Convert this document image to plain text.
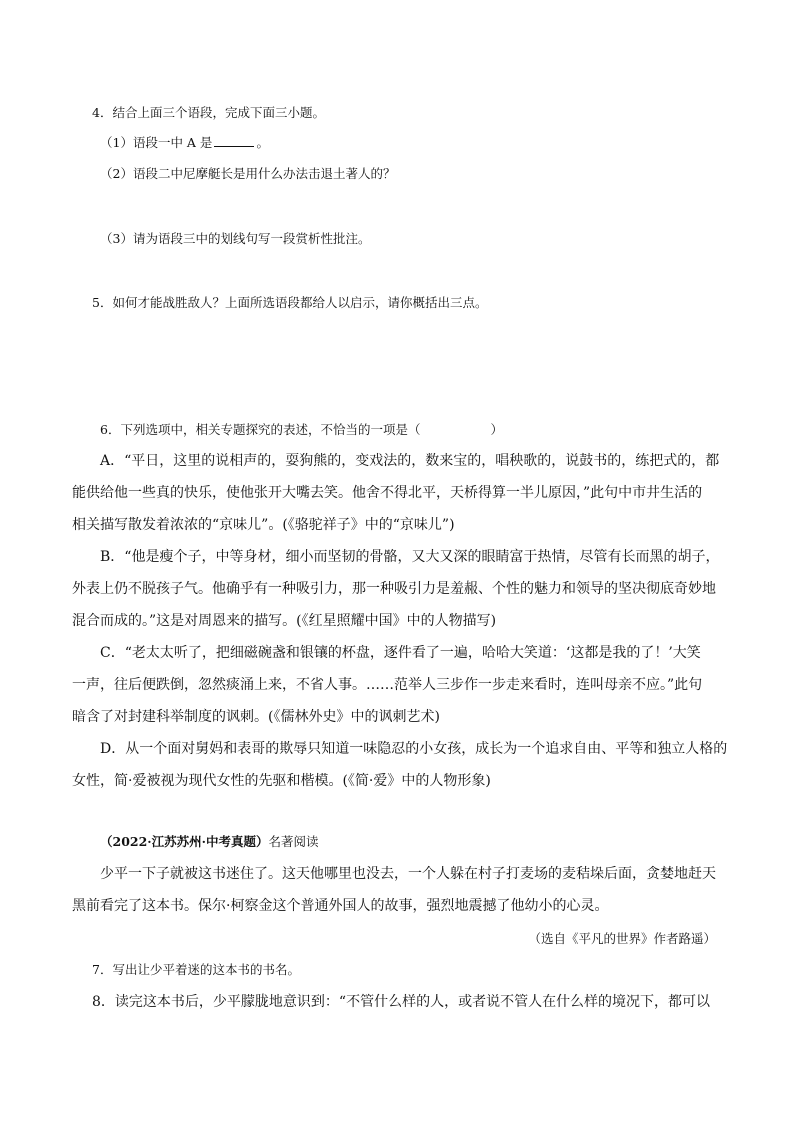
4．结合上面三个语段，完成下面三小题。
（1）语段一中 A 是	。
（2）语段二中尼摩艇长是用什么办法击退土著人的？
（3）请为语段三中的划线句写一段赏析性批注。
5．如何才能战胜敌人？上面所选语段都给人以启示，请你概括出三点。
6．下列选项中，相关专题探究的表述，不恰当的一项是（	）
A．“平日，这里的说相声的，耍狗熊的，变戏法的，数来宝的，唱秧歌的，说鼓书的，练把式的，都
能供给他一些真的快乐，使他张开大嘴去笑。他舍不得北平，天桥得算一半儿原因，”此句中市井生活的
相关描写散发着浓浓的“京味儿”。(《骆驼祥子》中的“京味儿”)
B．“他是瘦个子，中等身材，细小而坚韧的骨骼，又大又深的眼睛富于热情，尽管有长而黑的胡子，
外表上仍不脱孩子气。他确乎有一种吸引力，那一种吸引力是羞赧、个性的魅力和领导的坚决彻底奇妙地
混合而成的。”这是对周恩来的描写。(《红星照耀中国》中的人物描写)
C．“老太太听了，把细磁碗盏和银镶的杯盘，逐件看了一遍，哈哈大笑道：‘这都是我的了！’大笑
一声，往后便跌倒，忽然痰涌上来，不省人事。……范举人三步作一步走来看时，连叫母亲不应。”此句
暗含了对封建科举制度的讽刺。(《儒林外史》中的讽刺艺术)
D．从一个面对舅妈和表哥的欺辱只知道一味隐忍的小女孩，成长为一个追求自由、平等和独立人格的
女性，简·爱被视为现代女性的先驱和楷模。(《简·爱》中的人物形象)
（2022·江苏苏州·中考真题）名著阅读
少平一下子就被这书迷住了。这天他哪里也没去，一个人躲在村子打麦场的麦秸垛后面，贪婪地赶天
黑前看完了这本书。保尔·柯察金这个普通外国人的故事，强烈地震撼了他幼小的心灵。
（选自《平凡的世界》作者路遥）
7．写出让少平着迷的这本书的书名。
8．读完这本书后，少平朦胧地意识到：“不管什么样的人，或者说不管人在什么样的境况下，都可以
